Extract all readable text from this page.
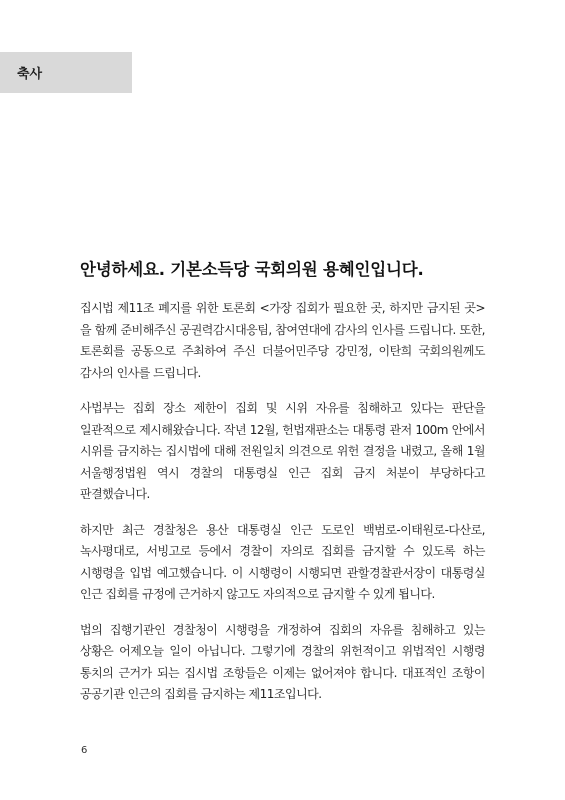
축사
안녕하세요. 기본소득당 국회의원 용혜인입니다.

집시법 제11조 폐지를 위한 토론회 <가장 집회가 필요한 곳, 하지만 금지된 곳>을 함께 준비해주신 공권력감시대응팀, 참여연대에 감사의 인사를 드립니다. 또한, 토론회를 공동으로 주최하여 주신 더불어민주당 강민정, 이탄희 국회의원께도 감사의 인사를 드립니다.

사법부는 집회 장소 제한이 집회 및 시위 자유를 침해하고 있다는 판단을 일관적으로 제시해왔습니다. 작년 12월, 헌법재판소는 대통령 관저 100m 안에서 시위를 금지하는 집시법에 대해 전원일치 의견으로 위헌 결정을 내렸고, 올해 1월 서울행정법원 역시 경찰의 대통령실 인근 집회 금지 처분이 부당하다고 판결했습니다.

하지만 최근 경찰청은 용산 대통령실 인근 도로인 백범로-이태원로-다산로, 녹사평대로, 서빙고로 등에서 경찰이 자의로 집회를 금지할 수 있도록 하는 시행령을 입법 예고했습니다. 이 시행령이 시행되면 관할경찰관서장이 대통령실 인근 집회를 규정에 근거하지 않고도 자의적으로 금지할 수 있게 됩니다.

법의 집행기관인 경찰청이 시행령을 개정하여 집회의 자유를 침해하고 있는 상황은 어제오늘 일이 아닙니다. 그렇기에 경찰의 위헌적이고 위법적인 시행령 통치의 근거가 되는 집시법 조항들은 이제는 없어져야 합니다. 대표적인 조항이 공공기관 인근의 집회를 금지하는 제11조입니다.

6
